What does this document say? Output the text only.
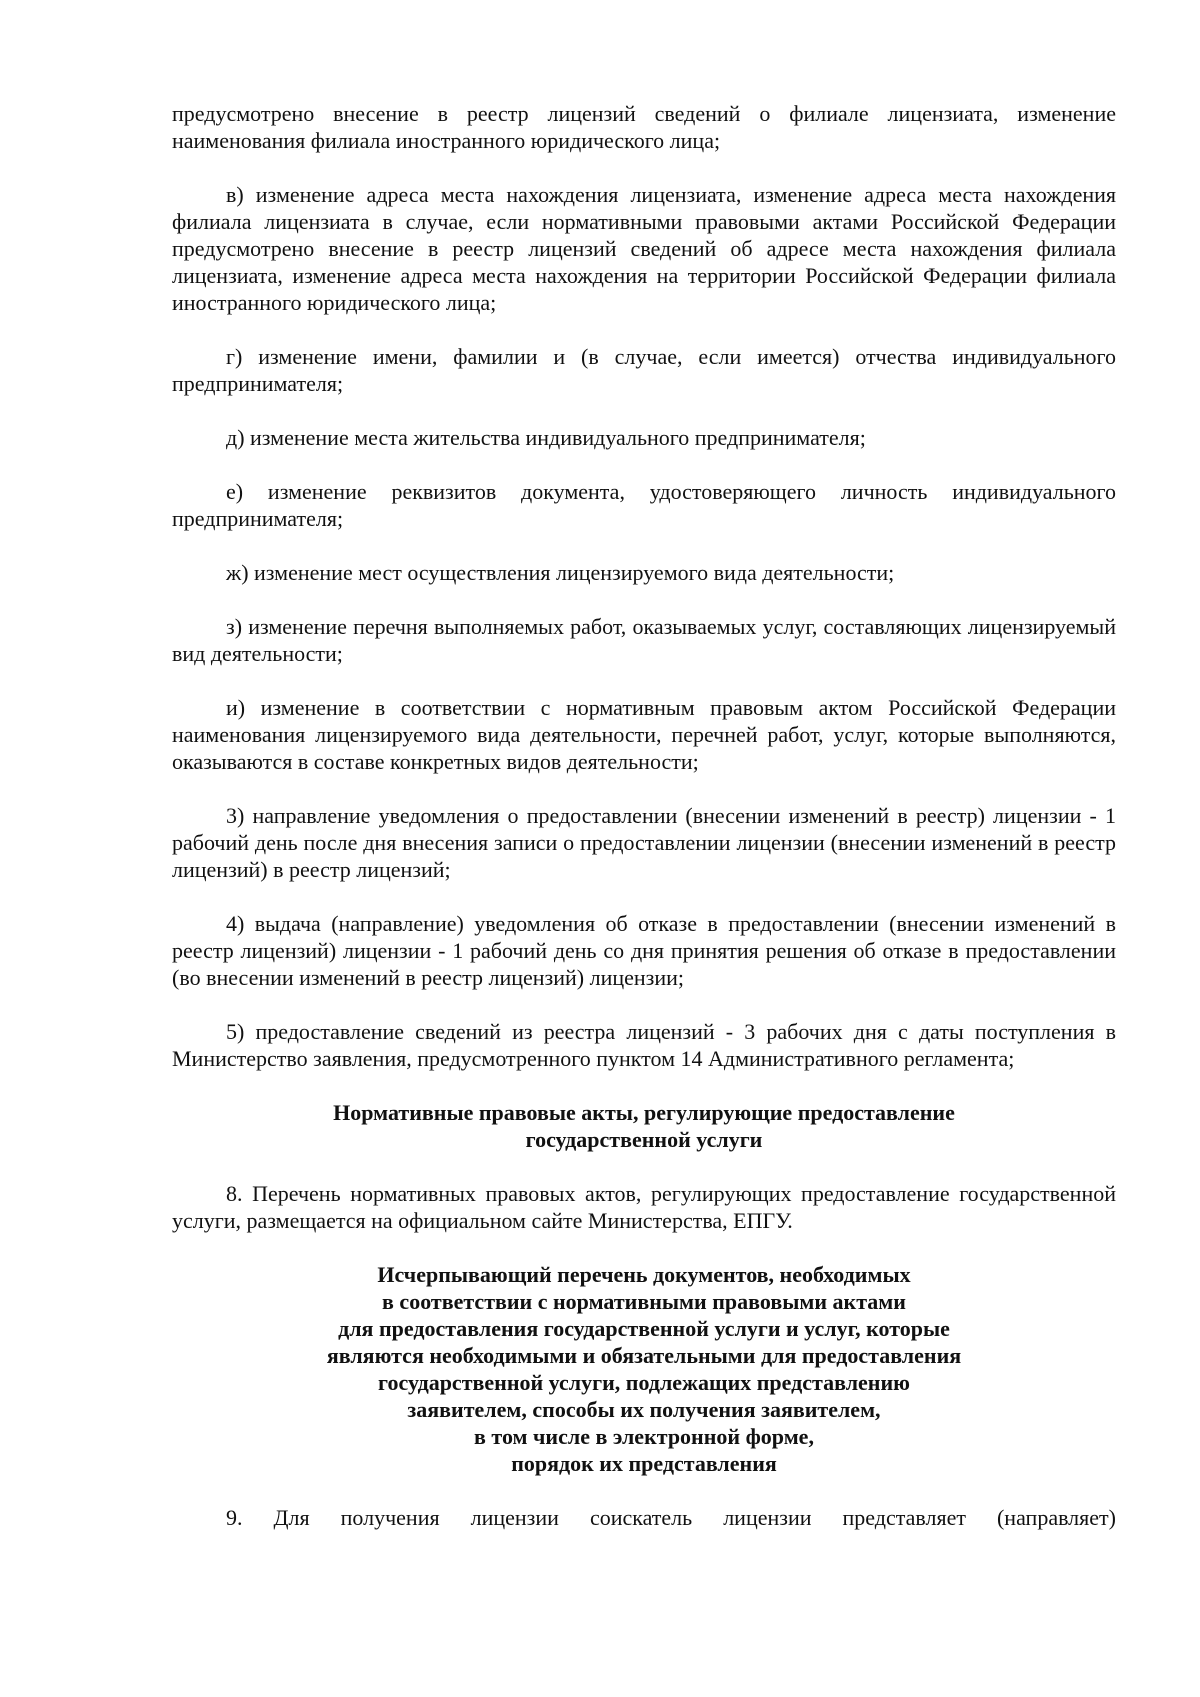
предусмотрено внесение в реестр лицензий сведений о филиале лицензиата, изменение наименования филиала иностранного юридического лица;

в) изменение адреса места нахождения лицензиата, изменение адреса места нахождения филиала лицензиата в случае, если нормативными правовыми актами Российской Федерации предусмотрено внесение в реестр лицензий сведений об адресе места нахождения филиала лицензиата, изменение адреса места нахождения на территории Российской Федерации филиала иностранного юридического лица;

г) изменение имени, фамилии и (в случае, если имеется) отчества индивидуального предпринимателя;

д) изменение места жительства индивидуального предпринимателя;

е) изменение реквизитов документа, удостоверяющего личность индивидуального предпринимателя;

ж) изменение мест осуществления лицензируемого вида деятельности;

з) изменение перечня выполняемых работ, оказываемых услуг, составляющих лицензируемый вид деятельности;

и) изменение в соответствии с нормативным правовым актом Российской Федерации наименования лицензируемого вида деятельности, перечней работ, услуг, которые выполняются, оказываются в составе конкретных видов деятельности;

3) направление уведомления о предоставлении (внесении изменений в реестр) лицензии - 1 рабочий день после дня внесения записи о предоставлении лицензии (внесении изменений в реестр лицензий) в реестр лицензий;

4) выдача (направление) уведомления об отказе в предоставлении (внесении изменений в реестр лицензий) лицензии - 1 рабочий день со дня принятия решения об отказе в предоставлении (во внесении изменений в реестр лицензий) лицензии;

5) предоставление сведений из реестра лицензий - 3 рабочих дня с даты поступления в Министерство заявления, предусмотренного пунктом 14 Административного регламента;

Нормативные правовые акты, регулирующие предоставление
государственной услуги

8. Перечень нормативных правовых актов, регулирующих предоставление государственной услуги, размещается на официальном сайте Министерства, ЕПГУ.

Исчерпывающий перечень документов, необходимых
в соответствии с нормативными правовыми актами
для предоставления государственной услуги и услуг, которые
являются необходимыми и обязательными для предоставления
государственной услуги, подлежащих представлению
заявителем, способы их получения заявителем,
в том числе в электронной форме,
порядок их представления

9. Для получения лицензии соискатель лицензии представляет (направляет)
